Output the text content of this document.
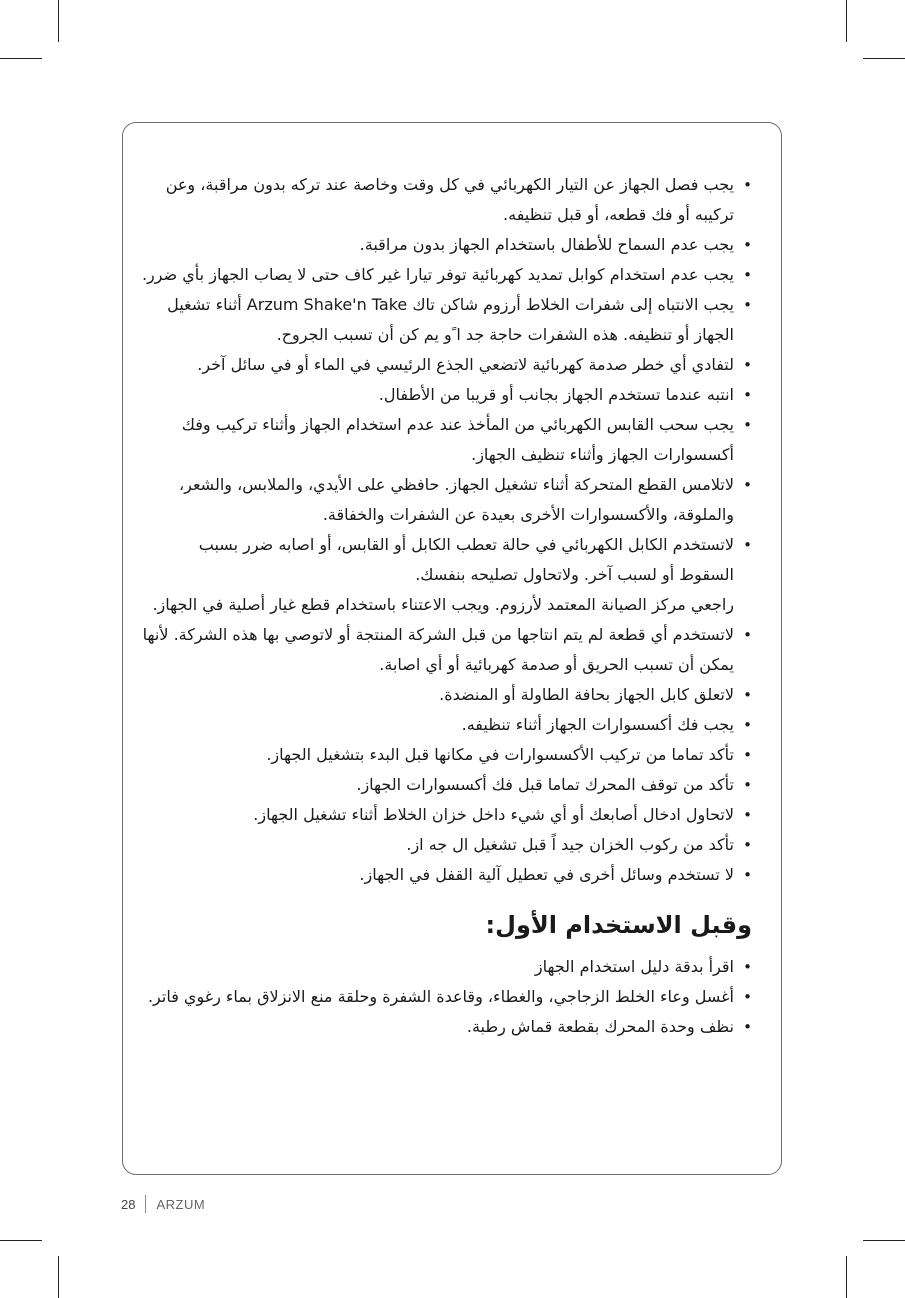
• يجب فصل الجهاز عن التيار الكهربائي في كل وقت وخاصة عند تركه بدون مراقبة، وعن تركيبه أو فك قطعه، أو قبل تنظيفه.
• يجب عدم السماح للأطفال باستخدام الجهاز بدون مراقبة.
• يجب عدم استخدام كوابل تمديد كهربائية توفر تيارا غير كاف حتى لا يصاب الجهاز بأي ضرر.
• يجب الانتباه إلى شفرات الخلاط أرزوم شاكن تاك Arzum Shake'n Take أثناء تشغيل الجهاز أو تنظيفه. هذه الشفرات حاجة جد ا ًو يم كن أن تسبب الجروح.
• لتفادي أي خطر صدمة كهربائية لاتضعي الجذع الرئيسي في الماء أو في سائل آخر.
• انتبه عندما تستخدم الجهاز بجانب أو قريبا من الأطفال.
• يجب سحب القابس الكهربائي من المأخذ عند عدم استخدام الجهاز وأثناء تركيب وفك أكسسوارات الجهاز وأثناء تنظيف الجهاز.
• لاتلامس القطع المتحركة أثناء تشغيل الجهاز. حافظي على الأيدي، والملابس، والشعر، والملوقة، والأكسسوارات الأخرى بعيدة عن الشفرات والخفاقة.
• لاتستخدم الكابل الكهربائي في حالة تعطب الكابل أو القابس، أو اصابه ضرر بسبب السقوط أو لسبب آخر. ولاتحاول تصليحه بنفسك.
راجعي مركز الصيانة المعتمد لأرزوم. ويجب الاعتناء باستخدام قطع غيار أصلية في الجهاز.
• لاتستخدم أي قطعة لم يتم انتاجها من قبل الشركة المنتجة أو لاتوصي بها هذه الشركة. لأنها يمكن أن تسبب الحريق أو صدمة كهربائية أو أي اصابة.
• لاتعلق كابل الجهاز بحافة الطاولة أو المنضدة.
• يجب فك أكسسوارات الجهاز أثناء تنظيفه.
• تأكد تماما من تركيب الأكسسوارات في مكانها قبل البدء بتشغيل الجهاز.
• تأكد من توقف المحرك تماما قبل فك أكسسوارات الجهاز.
• لاتحاول ادخال أصابعك أو أي شيء داخل خزان الخلاط أثناء تشغيل الجهاز.
• تأكد من ركوب الخزان جيد اً قبل تشغيل ال جه از.
• لا تستخدم وسائل أخرى في تعطيل آلية القفل في الجهاز.
وقبل الاستخدام الأول:
• اقرأ بدقة دليل استخدام الجهاز
• أغسل وعاء الخلط الزجاجي، والغطاء، وقاعدة الشفرة وحلقة منع الانزلاق بماء رغوي فاتر.
• نظف وحدة المحرك بقطعة قماش رطبة.
28 ARZUM
